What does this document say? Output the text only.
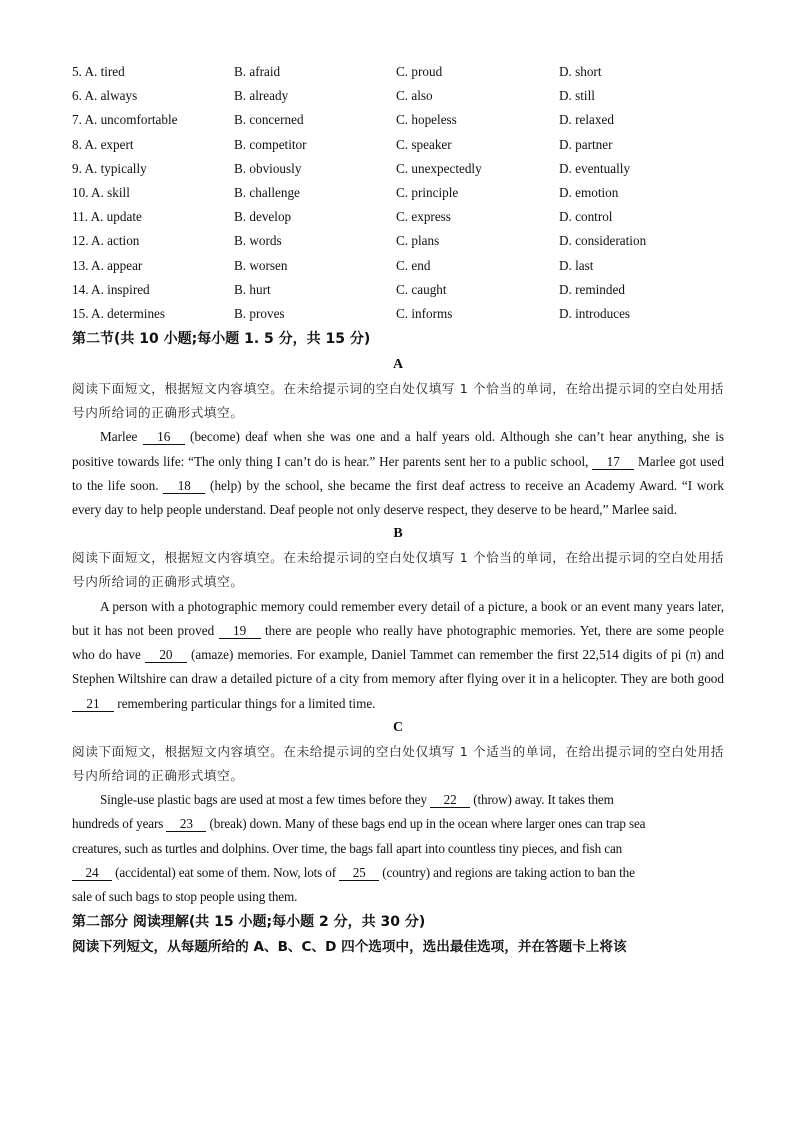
5. A. tired	B. afraid	C. proud	D. short
6. A. always	B. already	C. also	D. still
7. A. uncomfortable	B. concerned	C. hopeless	D. relaxed
8. A. expert	B. competitor	C. speaker	D. partner
9. A. typically	B. obviously	C. unexpectedly	D. eventually
10. A. skill	B. challenge	C. principle	D. emotion
11. A. update	B. develop	C. express	D. control
12. A. action	B. words	C. plans	D. consideration
13. A. appear	B. worsen	C. end	D. last
14. A. inspired	B. hurt	C. caught	D. reminded
15. A. determines	B. proves	C. informs	D. introduces
第二节(共 10 小题;每小题 1. 5 分，共 15 分)
A
阅读下面短文，根据短文内容填空。在未给提示词的空白处仅填写 1 个恰当的单词，在给出提示词的空白处用括号内所给词的正确形式填空。
Marlee 16 (become) deaf when she was one and a half years old. Although she can’t hear anything, she is positive towards life: “The only thing I can’t do is hear.” Her parents sent her to a public school, 17 Marlee got used to the life soon. 18 (help) by the school, she became the first deaf actress to receive an Academy Award. “I work every day to help people understand. Deaf people not only deserve respect, they deserve to be heard,” Marlee said.
B
阅读下面短文，根据短文内容填空。在未给提示词的空白处仅填写 1 个恰当的单词，在给出提示词的空白处用括号内所给词的正确形式填空。
A person with a photographic memory could remember every detail of a picture, a book or an event many years later, but it has not been proved 19 there are people who really have photographic memories. Yet, there are some people who do have 20 (amaze) memories. For example, Daniel Tammet can remember the first 22,514 digits of pi (π) and Stephen Wiltshire can draw a detailed picture of a city from memory after flying over it in a helicopter. They are both good 21 remembering particular things for a limited time.
C
阅读下面短文，根据短文内容填空。在未给提示词的空白处仅填写 1 个适当的单词，在给出提示词的空白处用括号内所给词的正确形式填空。
Single-use plastic bags are used at most a few times before they 22 (throw) away. It takes them
hundreds of years 23 (break) down. Many of these bags end up in the ocean where larger ones can trap sea
creatures, such as turtles and dolphins. Over time, the bags fall apart into countless tiny pieces, and fish can
24 (accidental) eat some of them. Now, lots of 25 (country) and regions are taking action to ban the
sale of such bags to stop people using them.
第二部分 阅读理解(共 15 小题;每小题 2 分，共 30 分)
阅读下列短文，从每题所给的 A、B、C、D 四个选项中，选出最佳选项，并在答题卡上将该
